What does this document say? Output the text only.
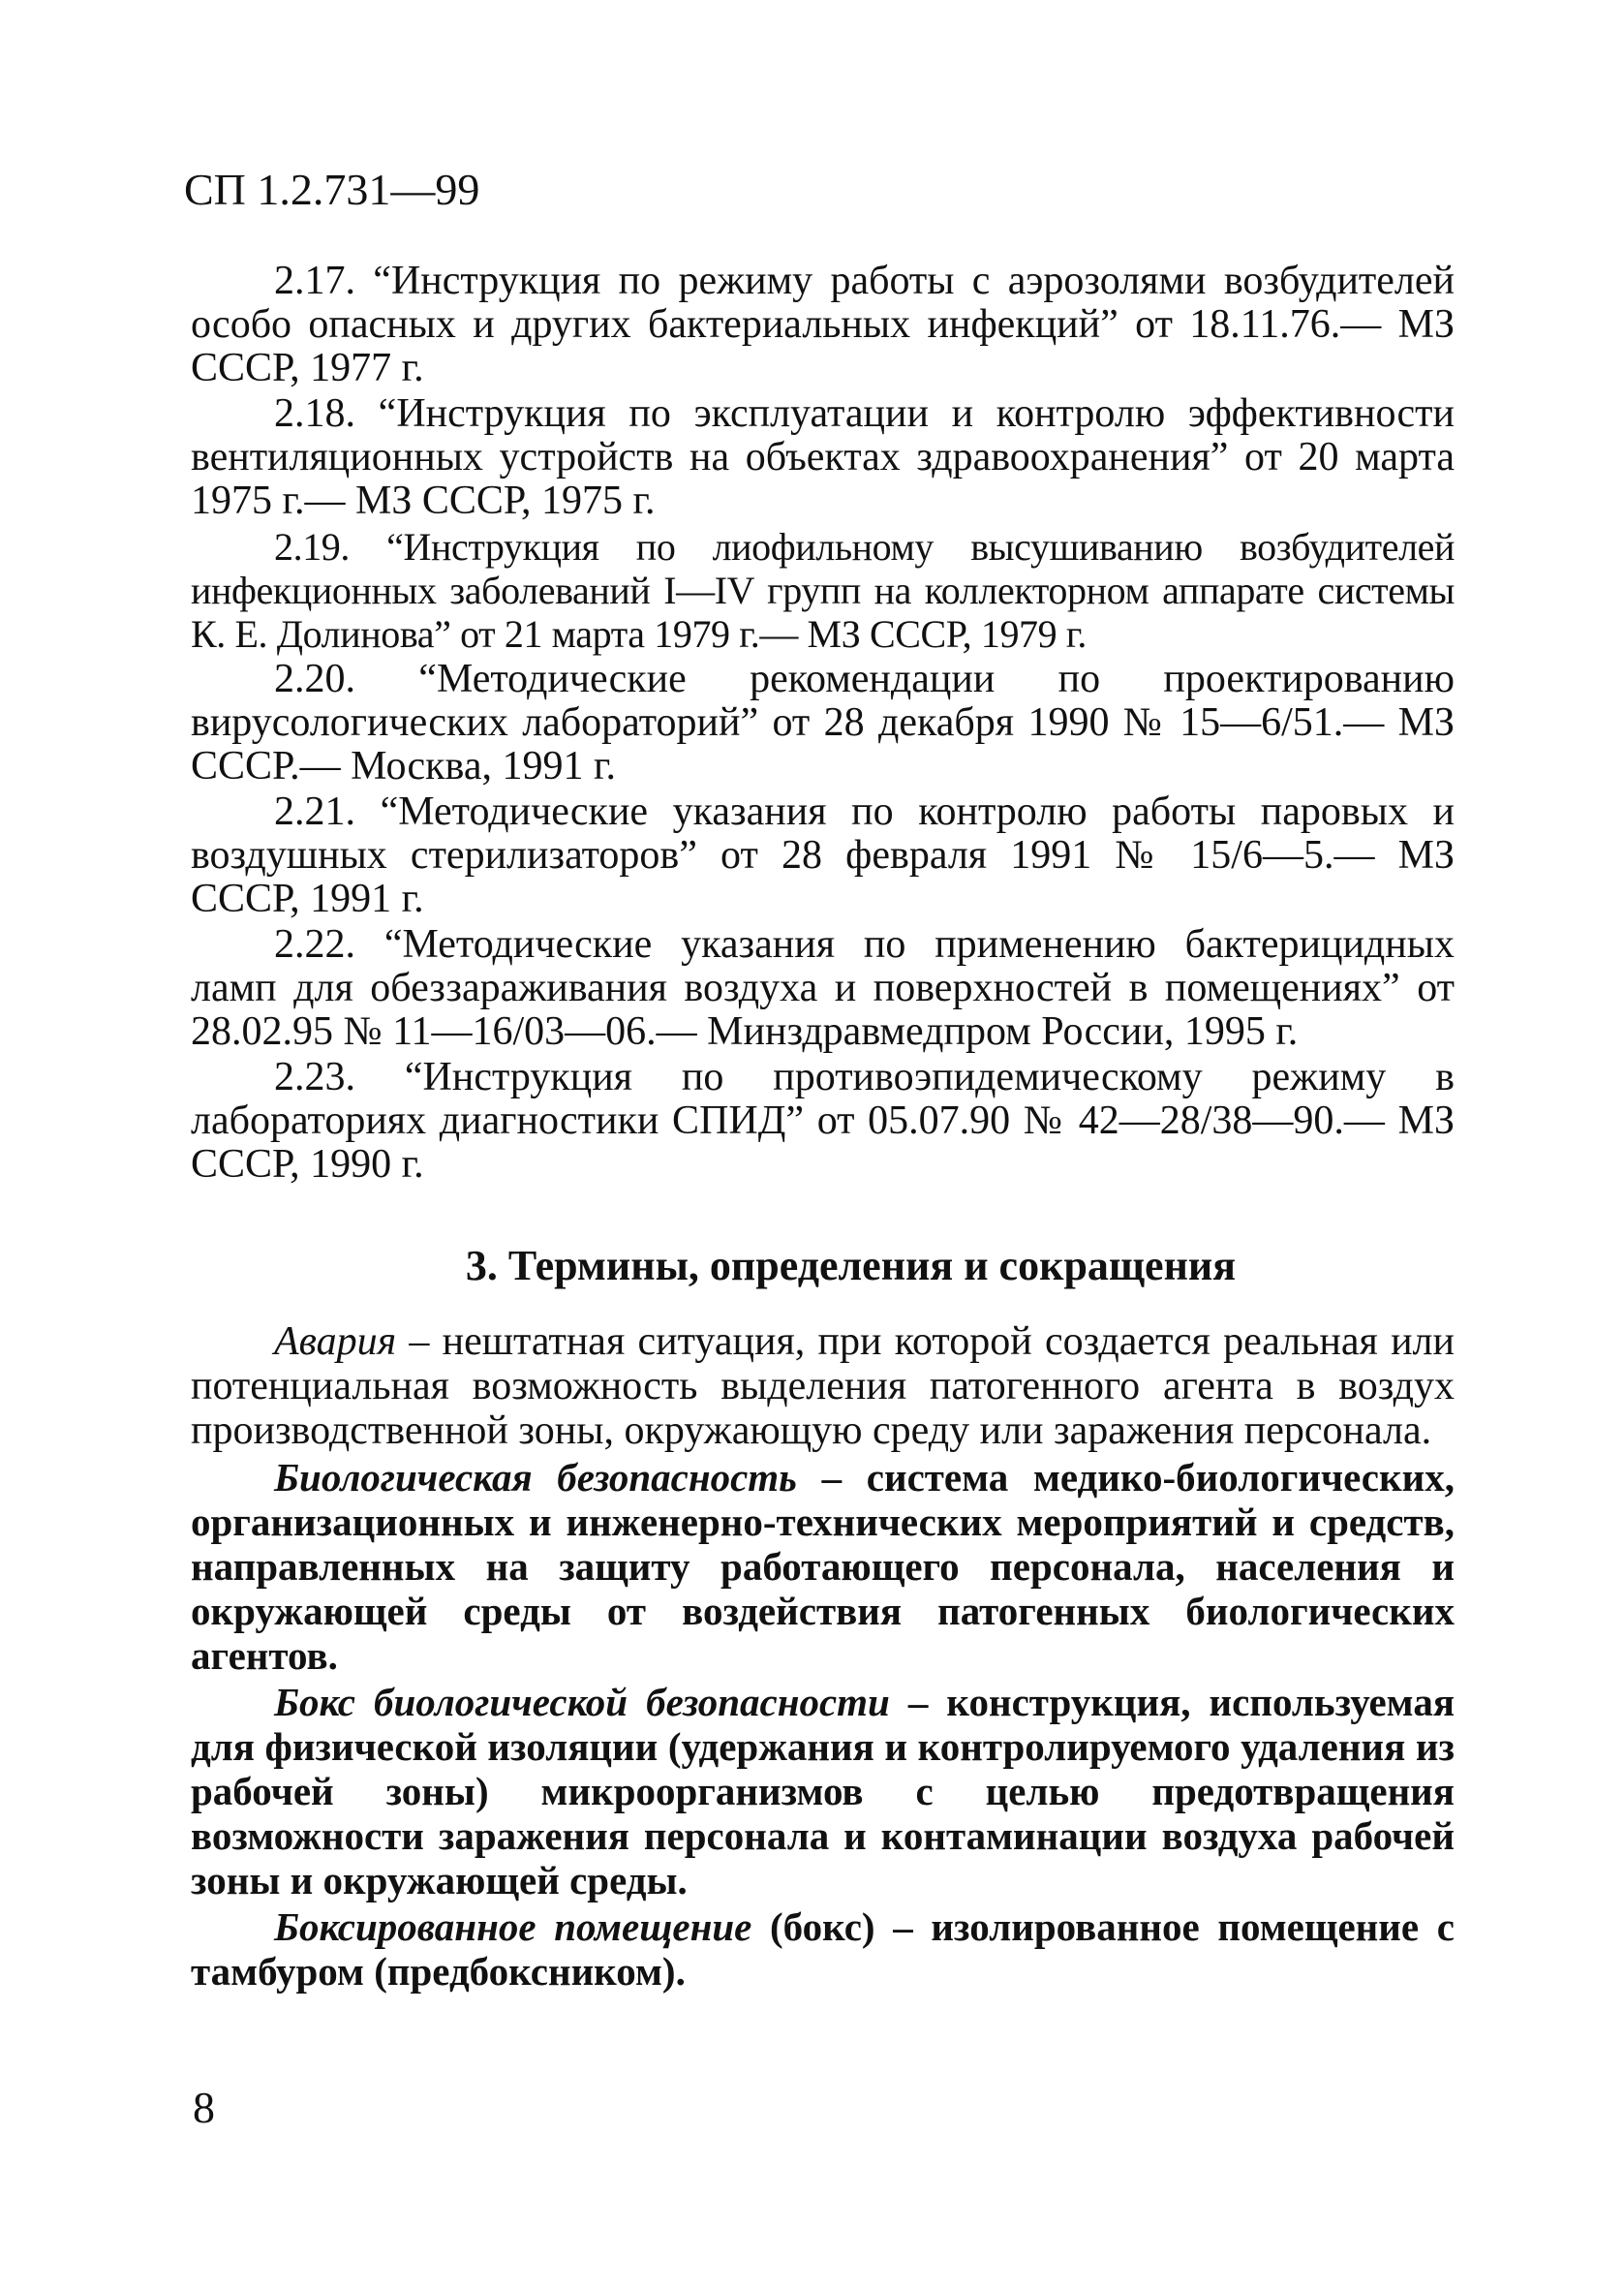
СП 1.2.731—99

2.17. “Инструкция по режиму работы с аэрозолями возбудителей особо опасных и других бактериальных инфекций” от 18.11.76.— МЗ СССР, 1977 г.

2.18. “Инструкция по эксплуатации и контролю эффективности вентиляционных устройств на объектах здравоохранения” от 20 марта 1975 г.— МЗ СССР, 1975 г.

2.19. “Инструкция по лиофильному высушиванию возбудителей инфекционных заболеваний I—IV групп на коллекторном аппарате системы К. Е. Долинова” от 21 марта 1979 г.— МЗ СССР, 1979 г.

2.20. “Методические рекомендации по проектированию вирусологических лабораторий” от 28 декабря 1990 № 15—6/51.— МЗ СССР.— Москва, 1991 г.

2.21. “Методические указания по контролю работы паровых и воздушных стерилизаторов” от 28 февраля 1991 № 15/6—5.— МЗ СССР, 1991 г.

2.22. “Методические указания по применению бактерицидных ламп для обеззараживания воздуха и поверхностей в помещениях” от 28.02.95 № 11—16/03—06.— Минздравмедпром России, 1995 г.

2.23. “Инструкция по противоэпидемическому режиму в лабораториях диагностики СПИД” от 05.07.90 № 42—28/38—90.— МЗ СССР, 1990 г.

3. Термины, определения и сокращения

Авария – нештатная ситуация, при которой создается реальная или потенциальная возможность выделения патогенного агента в воздух производственной зоны, окружающую среду или заражения персонала.

Биологическая безопасность – система медико-биологических, организационных и инженерно-технических мероприятий и средств, направленных на защиту работающего персонала, населения и окружающей среды от воздействия патогенных биологических агентов.

Бокс биологической безопасности – конструкция, используемая для физической изоляции (удержания и контролируемого удаления из рабочей зоны) микроорганизмов с целью предотвращения возможности заражения персонала и контаминации воздуха рабочей зоны и окружающей среды.

Боксированное помещение (бокс) – изолированное помещение с тамбуром (предбоксником).

8
